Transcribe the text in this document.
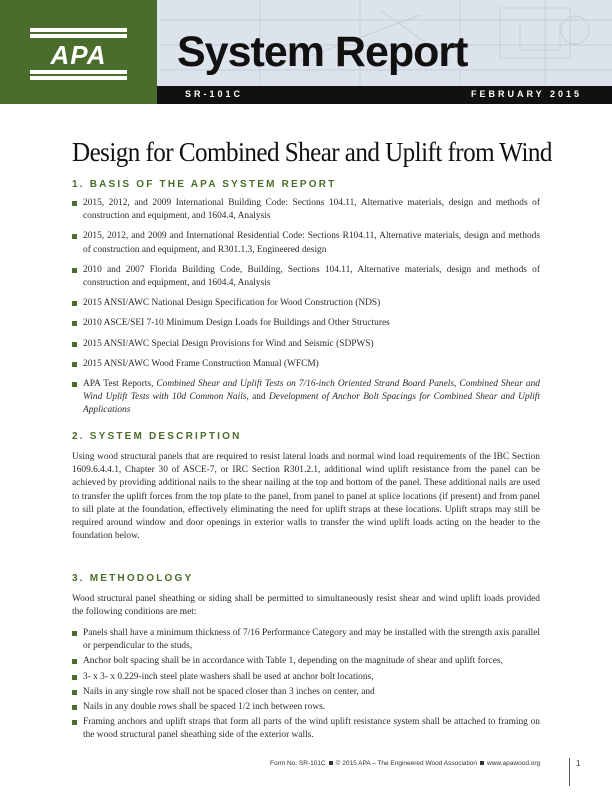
APA	System Report
SR-101C	FEBRUARY 2015
Design for Combined Shear and Uplift from Wind
1. BASIS OF THE APA SYSTEM REPORT
2015, 2012, and 2009 International Building Code: Sections 104.11, Alternative materials, design and methods of construction and equipment, and 1604.4, Analysis
2015, 2012, and 2009 and International Residential Code: Sections R104.11, Alternative materials, design and methods of construction and equipment, and R301.1.3, Engineered design
2010 and 2007 Florida Building Code, Building, Sections 104.11, Alternative materials, design and methods of construction and equipment, and 1604.4, Analysis
2015 ANSI/AWC National Design Specification for Wood Construction (NDS)
2010 ASCE/SEI 7-10 Minimum Design Loads for Buildings and Other Structures
2015 ANSI/AWC Special Design Provisions for Wind and Seismic (SDPWS)
2015 ANSI/AWC Wood Frame Construction Manual (WFCM)
APA Test Reports, Combined Shear and Uplift Tests on 7/16-inch Oriented Strand Board Panels, Combined Shear and Wind Uplift Tests with 10d Common Nails, and Development of Anchor Bolt Spacings for Combined Shear and Uplift Applications
2. SYSTEM DESCRIPTION

Using wood structural panels that are required to resist lateral loads and normal wind load requirements of the IBC Section 1609.6.4.4.1, Chapter 30 of ASCE-7, or IRC Section R301.2.1, additional wind uplift resistance from the panel can be achieved by providing additional nails to the shear nailing at the top and bottom of the panel. These additional nails are used to transfer the uplift forces from the top plate to the panel, from panel to panel at splice locations (if present) and from panel to sill plate at the foundation, effectively eliminating the need for uplift straps at these locations. Uplift straps may still be required around window and door openings in exterior walls to transfer the wind uplift loads acting on the header to the foundation below.

3. METHODOLOGY

Wood structural panel sheathing or siding shall be permitted to simultaneously resist shear and wind uplift loads provided the following conditions are met:

Panels shall have a minimum thickness of 7/16 Performance Category and may be installed with the strength axis parallel or perpendicular to the studs,
Anchor bolt spacing shall be in accordance with Table 1, depending on the magnitude of shear and uplift forces,
3- x 3- x 0.229-inch steel plate washers shall be used at anchor bolt locations,
Nails in any single row shall not be spaced closer than 3 inches on center, and
Nails in any double rows shall be spaced 1/2 inch between rows.
Framing anchors and uplift straps that form all parts of the wind uplift resistance system shall be attached to framing on the wood structural panel sheathing side of the exterior walls.
Form No. SR-101C © 2015 APA – The Engineered Wood Association www.apawood.org	1
